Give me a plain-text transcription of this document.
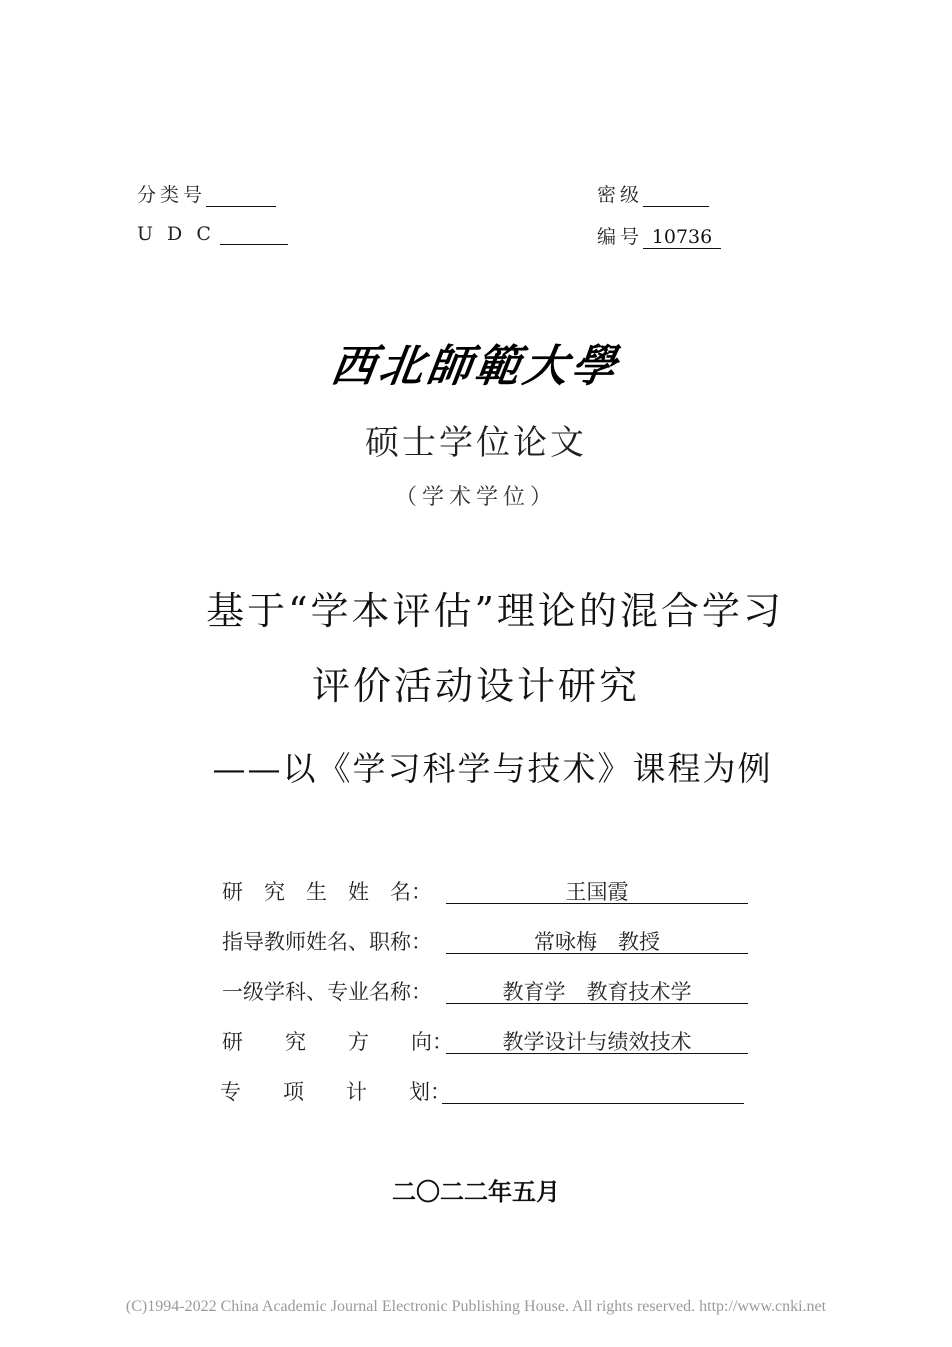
分类号
U D C
密级
编号 10736
西北師範大學
硕士学位论文
（学术学位）
基于“学本评估”理论的混合学习
评价活动设计研究
——以《学习科学与技术》课程为例
研　究　生　姓　名：	王国霞
指导教师姓名、职称：	常咏梅　教授
一级学科、专业名称：	教育学　教育技术学
研　　究　　方　　向：	教学设计与绩效技术
专　　项　　计　　划：
二〇二二年五月
(C)1994-2022 China Academic Journal Electronic Publishing House. All rights reserved. http://www.cnki.net
